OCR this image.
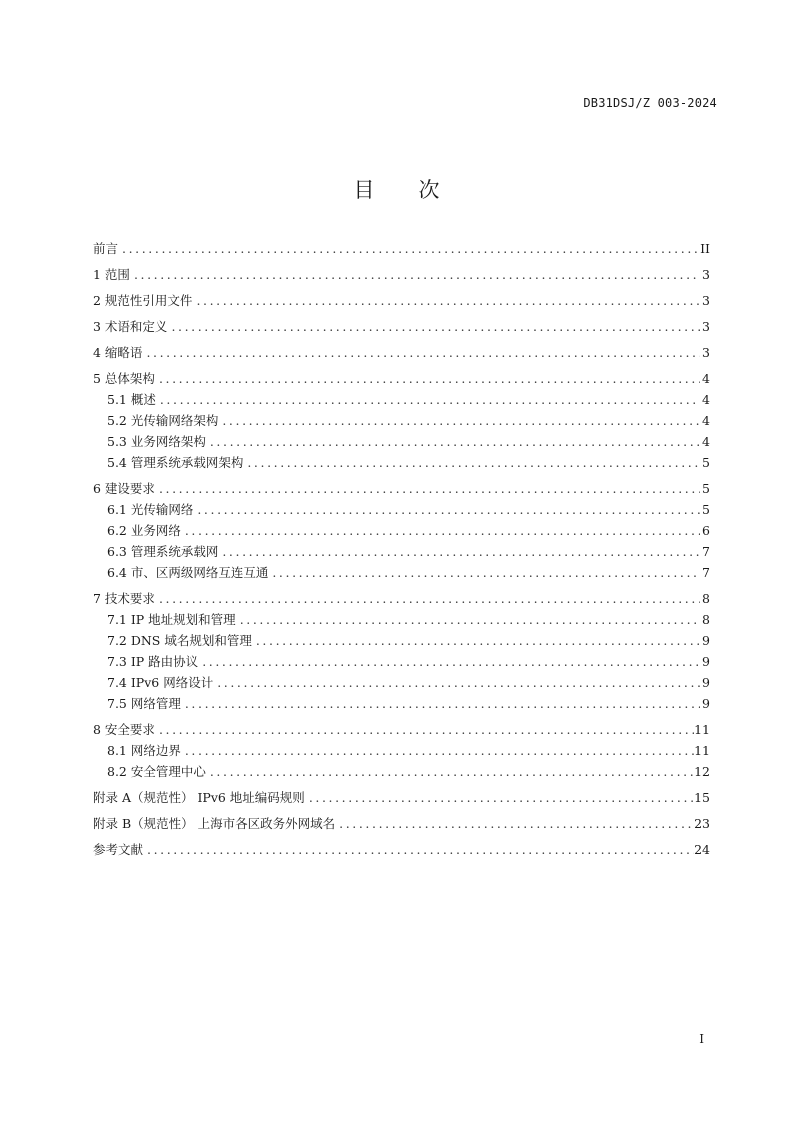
DB31DSJ/Z 003-2024
目次
前言 .....	II
1 范围 .....	3
2 规范性引用文件 .....	3
3 术语和定义 .....	3
4 缩略语 .....	3
5 总体架构 .....	4
5.1 概述 .....	4
5.2 光传输网络架构 .....	4
5.3 业务网络架构 .....	4
5.4 管理系统承载网架构 .....	5
6 建设要求 .....	5
6.1 光传输网络 .....	5
6.2 业务网络 .....	6
6.3 管理系统承载网 .....	7
6.4 市、区两级网络互连互通 .....	7
7 技术要求 .....	8
7.1 IP 地址规划和管理 .....	8
7.2 DNS 域名规划和管理 .....	9
7.3 IP 路由协议 .....	9
7.4 IPv6 网络设计 .....	9
7.5 网络管理 .....	9
8 安全要求 .....	11
8.1 网络边界 .....	11
8.2 安全管理中心 .....	12
附录 A（规范性） IPv6 地址编码规则 .....	15
附录 B（规范性） 上海市各区政务外网域名 .....	23
参考文献 .....	24
I
